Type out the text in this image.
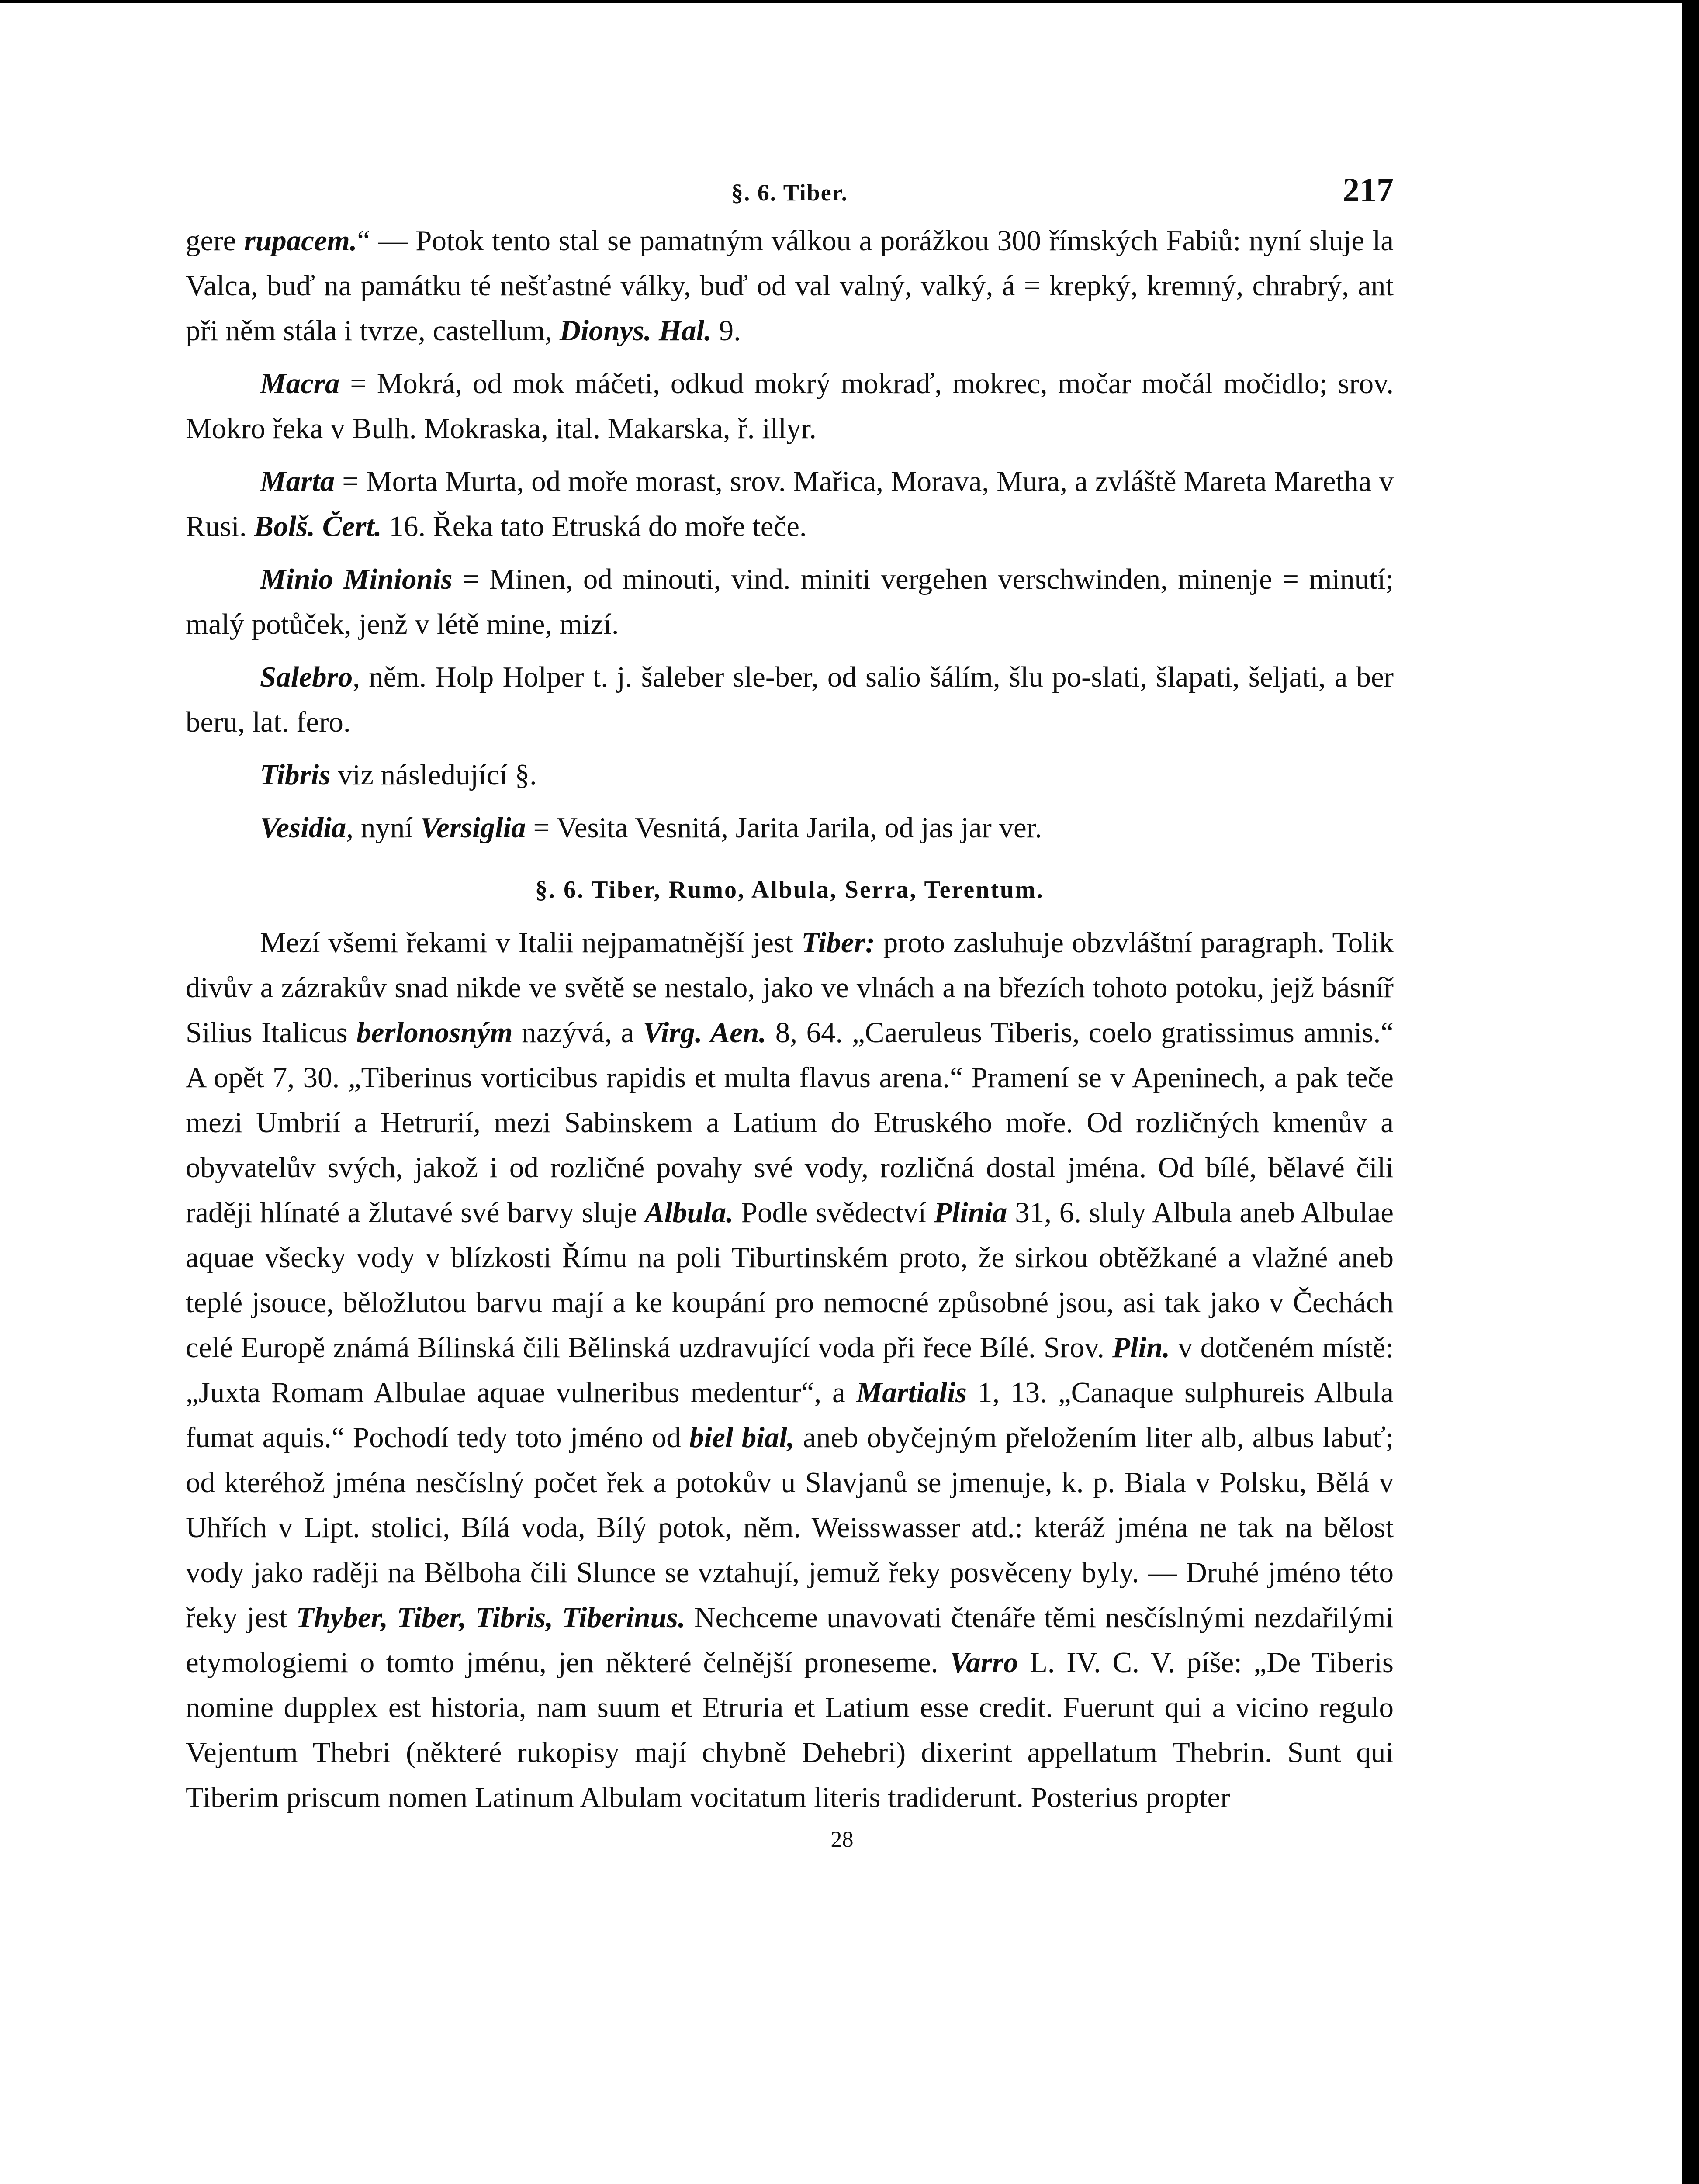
§. 6. Tiber.	217

gere rupacem.“ — Potok tento stal se pamatným válkou a porážkou 300 římských Fabiů: nyní sluje la Valca, buď na památku té nešťastné války, buď od val valný, valký, á = krepký, kremný, chrabrý, ant při něm stála i tvrze, castellum, Dionys. Hal. 9.

Macra = Mokrá, od mok máčeti, odkud mokrý mokraď, mokrec, močar močál močidlo; srov. Mokro řeka v Bulh. Mokraska, ital. Makarska, ř. illyr.

Marta = Morta Murta, od moře morast, srov. Mařica, Morava, Mura, a zvláště Mareta Maretha v Rusi. Bolš. Čert. 16. Řeka tato Etruská do moře teče.

Minio Minionis = Minen, od minouti, vind. miniti vergehen verschwinden, minenje = minutí; malý potůček, jenž v létě mine, mizí.

Salebro, něm. Holp Holper t. j. šaleber sle-ber, od salio šálím, šlu po-slati, šlapati, šeljati, a ber beru, lat. fero.

Tibris viz následující §.

Vesidia, nyní Versiglia = Vesita Vesnitá, Jarita Jarila, od jas jar ver.

§. 6. Tiber, Rumo, Albula, Serra, Terentum.

Mezí všemi řekami v Italii nejpamatnější jest Tiber: proto zasluhuje obzvláštní paragraph. Tolik divův a zázrakův snad nikde ve světě se nestalo, jako ve vlnách a na březích tohoto potoku, jejž básníř Silius Italicus berlonosným nazývá, a Virg. Aen. 8, 64. „Caeruleus Tiberis, coelo gratissimus amnis.“ A opět 7, 30. „Tiberinus vorticibus rapidis et multa flavus arena.“ Pramení se v Apeninech, a pak teče mezi Umbrií a Hetrurií, mezi Sabinskem a Latium do Etruského moře. Od rozličných kmenův a obyvatelův svých, jakož i od rozličné povahy své vody, rozličná dostal jména. Od bílé, bělavé čili raději hlínaté a žlutavé své barvy sluje Albula. Podle svědectví Plinia 31, 6. sluly Albula aneb Albulae aquae všecky vody v blízkosti Římu na poli Tiburtinském proto, že sirkou obtěžkané a vlažné aneb teplé jsouce, běložlutou barvu mají a ke koupání pro nemocné způsobné jsou, asi tak jako v Čechách celé Europě známá Bílinská čili Bělinská uzdravující voda při řece Bílé. Srov. Plin. v dotčeném místě: „Juxta Romam Albulae aquae vulneribus medentur“, a Martialis 1, 13. „Canaque sulphureis Albula fumat aquis.“ Pochodí tedy toto jméno od biel bial, aneb obyčejným přeložením liter alb, albus labuť; od kteréhož jména nesčíslný počet řek a potokův u Slavjanů se jmenuje, k. p. Biala v Polsku, Bělá v Uhřích v Lipt. stolici, Bílá voda, Bílý potok, něm. Weisswasser atd.: kteráž jména ne tak na bělost vody jako raději na Bělboha čili Slunce se vztahují, jemuž řeky posvěceny byly. — Druhé jméno této řeky jest Thyber, Tiber, Tibris, Tiberinus. Nechceme unavovati čtenáře těmi nesčíslnými nezdařilými etymologiemi o tomto jménu, jen některé čelnější proneseme. Varro L. IV. C. V. píše: „De Tiberis nomine dupplex est historia, nam suum et Etruria et Latium esse credit. Fuerunt qui a vicino regulo Vejentum Thebri (některé rukopisy mají chybně Dehebri) dixerint appellatum Thebrin. Sunt qui Tiberim priscum nomen Latinum Albulam vocitatum literis tradiderunt. Posterius propter

28
